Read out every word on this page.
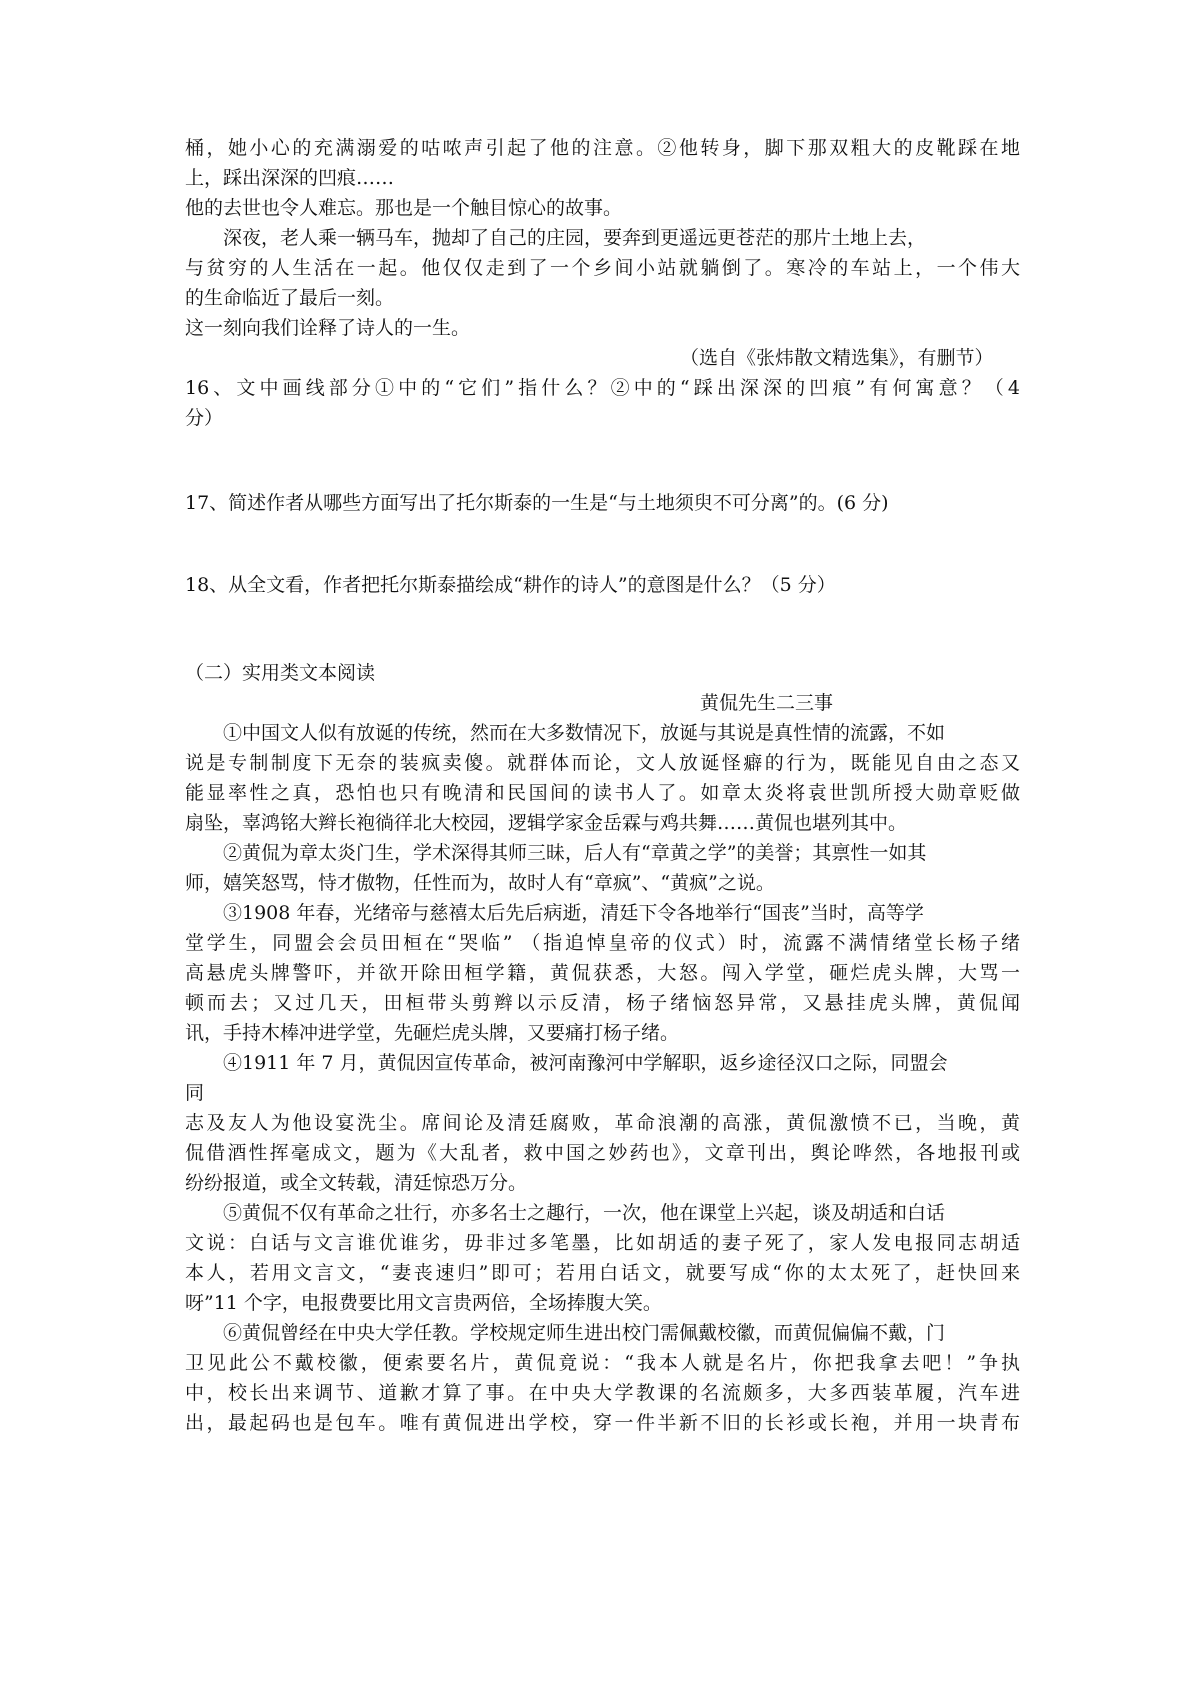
桶，她小心的充满溺爱的咕哝声引起了他的注意。②他转身，脚下那双粗大的皮靴踩在地
上，踩出深深的凹痕……
他的去世也令人难忘。那也是一个触目惊心的故事。
深夜，老人乘一辆马车，抛却了自己的庄园，要奔到更遥远更苍茫的那片土地上去，
与贫穷的人生活在一起。他仅仅走到了一个乡间小站就躺倒了。寒冷的车站上，一个伟大
的生命临近了最后一刻。
这一刻向我们诠释了诗人的一生。
（选自《张炜散文精选集》，有删节）
16、文中画线部分①中的“它们”指什么？②中的“踩出深深的凹痕”有何寓意？（4
分）
17、简述作者从哪些方面写出了托尔斯泰的一生是“与土地须臾不可分离”的。(6 分)
18、从全文看，作者把托尔斯泰描绘成“耕作的诗人”的意图是什么？（5 分）
（二）实用类文本阅读
黄侃先生二三事
①中国文人似有放诞的传统，然而在大多数情况下，放诞与其说是真性情的流露，不如
说是专制制度下无奈的装疯卖傻。就群体而论，文人放诞怪癖的行为，既能见自由之态又
能显率性之真，恐怕也只有晚清和民国间的读书人了。如章太炎将袁世凯所授大勋章贬做
扇坠，辜鸿铭大辫长袍徜徉北大校园，逻辑学家金岳霖与鸡共舞……黄侃也堪列其中。
②黄侃为章太炎门生，学术深得其师三昧，后人有“章黄之学”的美誉；其禀性一如其
师，嬉笑怒骂，恃才傲物，任性而为，故时人有“章疯”、“黄疯”之说。
③1908 年春，光绪帝与慈禧太后先后病逝，清廷下令各地举行“国丧”当时，高等学
堂学生，同盟会会员田桓在“哭临” （指追悼皇帝的仪式）时，流露不满情绪堂长杨子绪
高悬虎头牌警吓，并欲开除田桓学籍，黄侃获悉，大怒。闯入学堂，砸烂虎头牌，大骂一
顿而去；又过几天，田桓带头剪辫以示反清，杨子绪恼怒异常，又悬挂虎头牌，黄侃闻
讯，手持木棒冲进学堂，先砸烂虎头牌，又要痛打杨子绪。
④1911 年 7 月，黄侃因宣传革命，被河南豫河中学解职，返乡途径汉口之际，同盟会
同
志及友人为他设宴洗尘。席间论及清廷腐败，革命浪潮的高涨，黄侃激愤不已，当晚，黄
侃借酒性挥毫成文，题为《大乱者，救中国之妙药也》，文章刊出，舆论哗然，各地报刊或
纷纷报道，或全文转载，清廷惊恐万分。
⑤黄侃不仅有革命之壮行，亦多名士之趣行，一次，他在课堂上兴起，谈及胡适和白话
文说：白话与文言谁优谁劣，毋非过多笔墨，比如胡适的妻子死了，家人发电报同志胡适
本人，若用文言文，“妻丧速归”即可；若用白话文，就要写成“你的太太死了，赶快回来
呀”11 个字，电报费要比用文言贵两倍，全场捧腹大笑。
⑥黄侃曾经在中央大学任教。学校规定师生进出校门需佩戴校徽，而黄侃偏偏不戴，门
卫见此公不戴校徽，便索要名片，黄侃竟说：“我本人就是名片，你把我拿去吧！”争执
中，校长出来调节、道歉才算了事。在中央大学教课的名流颇多，大多西装革履，汽车进
出，最起码也是包车。唯有黄侃进出学校，穿一件半新不旧的长衫或长袍，并用一块青布
